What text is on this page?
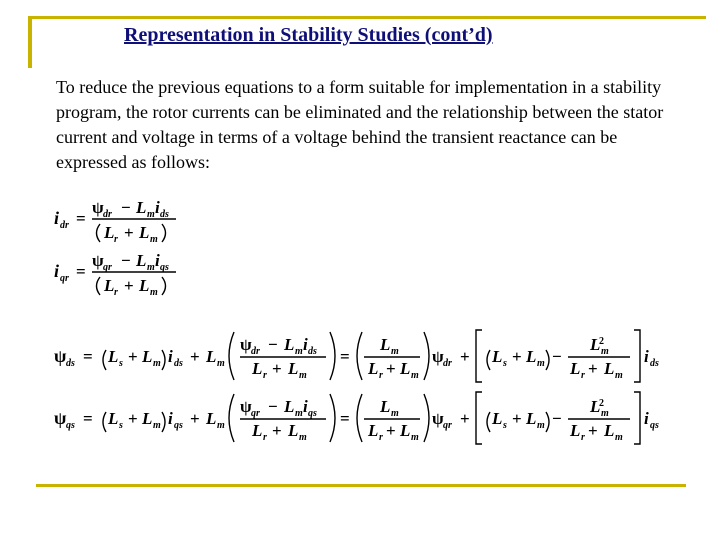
Representation in Stability Studies (cont’d)
To reduce the previous equations to a form suitable for implementation in a stability program, the rotor currents can be eliminated and the relationship between the stator current and voltage in terms of a voltage behind the transient reactance can be expressed as follows:
i dr =
ψ dr − L m i ds
L r + L m
i qr =
ψ qr − L m i qs
L r + L m
ψ ds = L s + L m i ds + L m
ψ dr − L m i ds
L r + L m
=
L m
L r + L m
ψ dr + L s + L m −
L m
2
L r + L m
i ds
ψ qs = L s + L m i qs + L m
ψ qr − L m i qs
L r + L m
=
L m
L r + L m
ψ qr + L s + L m −
L m
2
L r + L m
i qs
